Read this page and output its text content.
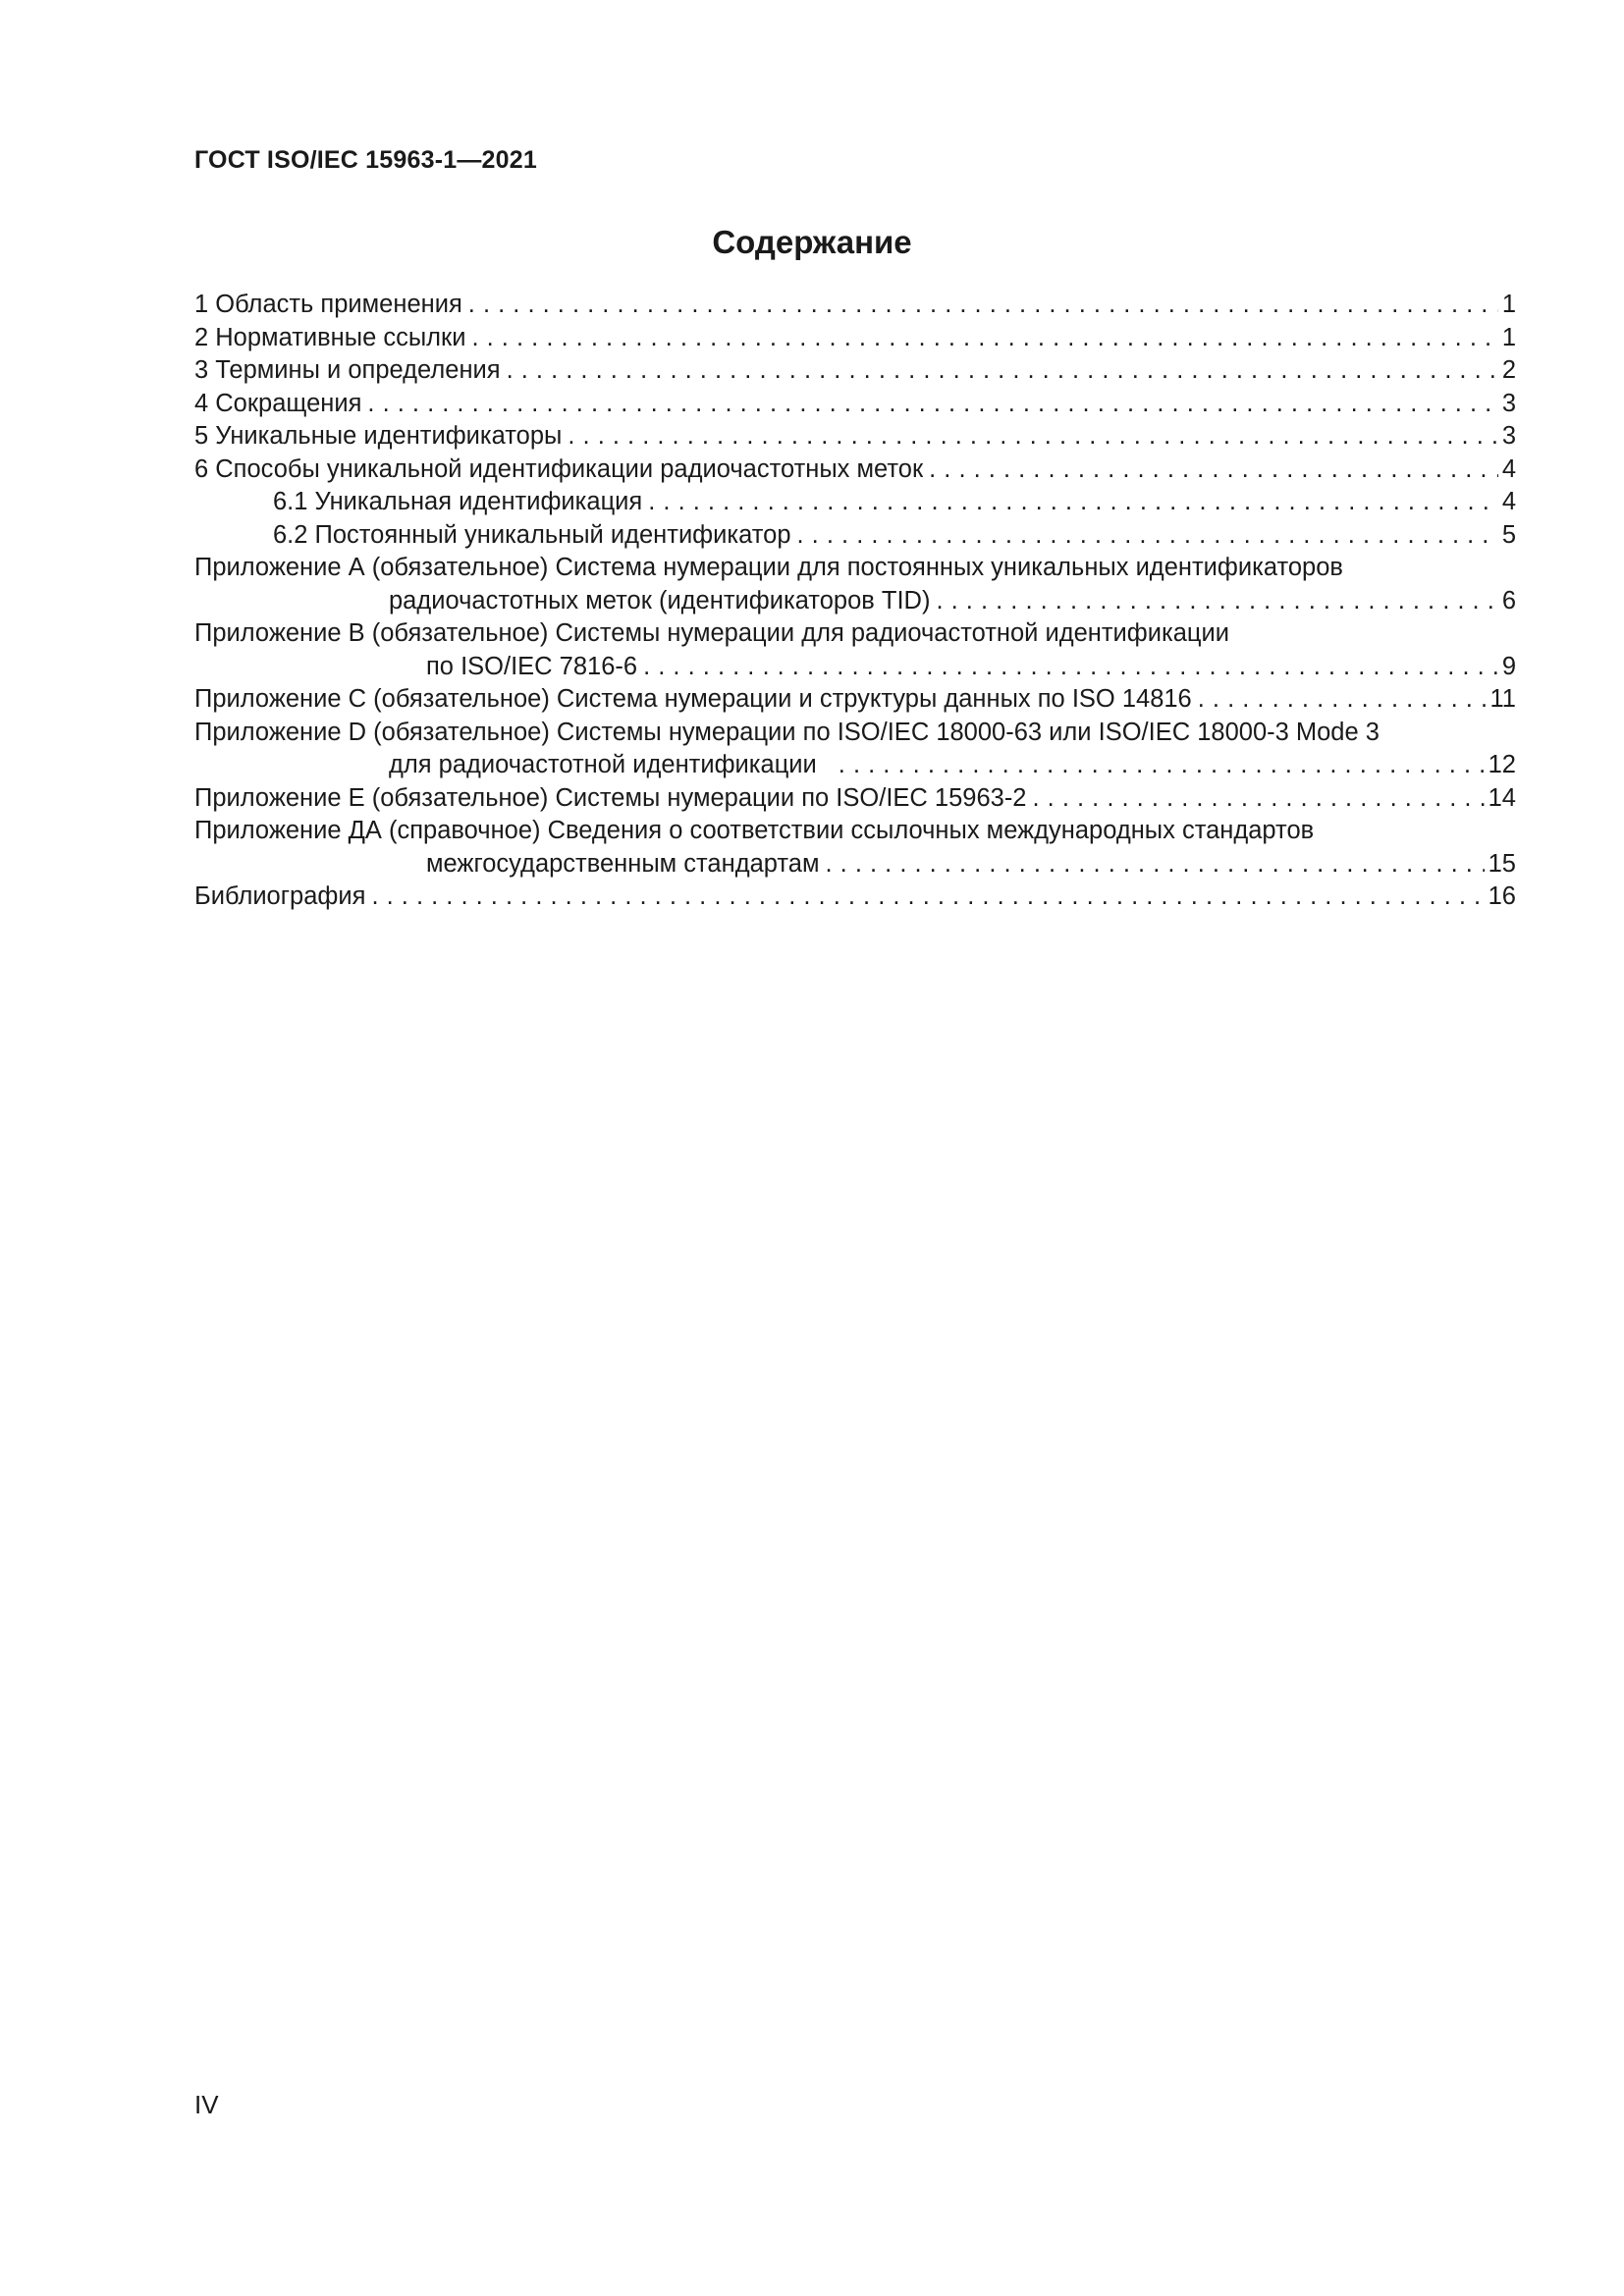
ГОСТ ISO/IEC 15963-1—2021
Содержание
1 Область применения . . .	1
2 Нормативные ссылки . . .	1
3 Термины и определения . . .	2
4 Сокращения . . .	3
5 Уникальные идентификаторы . . .	3
6 Способы уникальной идентификации радиочастотных меток . . .	4
6.1 Уникальная идентификация . . .	4
6.2 Постоянный уникальный идентификатор . . .	5
Приложение А (обязательное) Система нумерации для постоянных уникальных идентификаторов
радиочастотных меток (идентификаторов TID) . . .	6
Приложение В (обязательное) Системы нумерации для радиочастотной идентификации
по ISO/IEC 7816-6 . . .	9
Приложение С (обязательное) Система нумерации и структуры данных по ISO 14816 . . .	11
Приложение D (обязательное) Системы нумерации по ISO/IEC 18000-63 или ISO/IEC 18000-3 Mode 3
для радиочастотной идентификации . . .	12
Приложение Е (обязательное) Системы нумерации по ISO/IEC 15963-2 . . .	14
Приложение ДА (справочное) Сведения о соответствии ссылочных международных стандартов
межгосударственным стандартам . . .	15
Библиография . . .	16
IV
